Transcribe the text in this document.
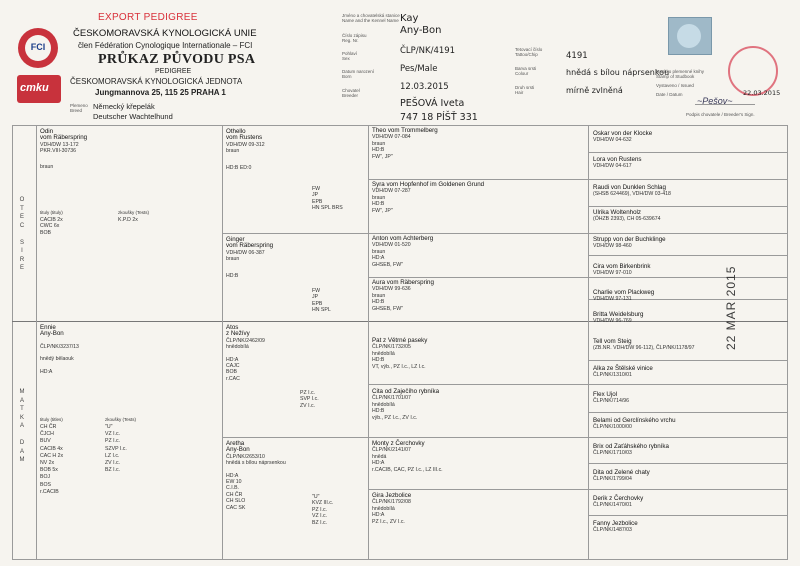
EXPORT PEDIGREE
FCI
cmku
ČESKOMORAVSKÁ KYNOLOGICKÁ UNIE
člen Fédération Cynologique Internationale – FCI
PRŮKAZ PŮVODU PSA
PEDIGREE
ČESKOMORAVSKÁ KYNOLOGICKÁ JEDNOTA
Jungmannova 25, 115 25 PRAHA 1
Plemeno
Breed	Německý křepelák
Deutscher Wachtelhund
Jméno a chovatelská stanice
Name and the Kennel Name
Číslo zápisu
Reg. Nr.
Pohlaví
Sex
Datum narození
Born
Chovatel
Breeder
Kay
Any-Bon
ČLP/NK/4191
Pes/Male
12.03.2015
PEŠOVÁ Iveta
747 18 PÍŠŤ 331
Tetovací číslo
Tattoo/Chip
Barva srsti
Colour
Druh srsti
Hair
4191
hnědá s bílou náprsenkou
mírně zvlněná
Razítko plemenné knihy
Stamp of Studbook
Vystaveno / Issued
Date / Datum	22.03.2015
~Pešov~
Podpis chovatele / Breeder's Sign.
O
T
E
C

S
I
R
E
M
A
T
K
A

D
A
M
Odin
vom Räberspring
VDH/DW 13-172
PKR.VIII-30736
braun
tituly (tituly)	zkoušky (Tests)
CACIB 2x
CWC 6x
BOB
K.P.D 2x
Ennie
Any-Bon
ČLP/NK/3237/13
hnědý bělaouk
HD:A
tituly (titles)	zkoušky (Tests)
CH ČR
ČJCH
BUV
CACIB 4x
CAC H 2x
NV 2x
BOB 5x
BOJ
BOS
r.CACIB
"U"
VZ I.c.
PZ I.c.
SZVP I.c.
LZ I.c.
ZV I.c.
BZ I.c.
Othello
vom Rustens
VDH/DW 09-312
braun
HD:B ED:0
FW
JP
EPB
HN SPL BRS
Ginger
vom Räberspring
VDH/DW 06-387
braun
HD:B
FW
JP
EPB
HN SPL
Atos
z Nežívy
ČLP/NK/2462/09
hnědobílá
HD:A
CAJC
BOB
r.CAC
PZ I.c.
SVP I.c.
ZV I.c.
Aretha
Any-Bon
ČLP/NK/2653/10
hnědá s bílou náprsenkou
HD:A
EW 10
C.I.B.
CH ČR
CH SLO
CAC SK
"U"
KVZ III.c.
PZ I.c.
VZ I.c.
BZ I.c.
Theo vom Trommelberg
VDH/DW 07-084
braun
HD:B
FW", JP"
Syra vom Hopfenhof im Goldenen Grund
VDH/DW 07-287
braun
HD:B
FW", JP"
Anton vom Achterberg
VDH/DW 01-520
braun
HD:A
GHSEB, FW"
Aura vom Räberspring
VDH/DW 99-636
braun
HD:B
GHSEB, FW"
Pat z Větrné paseky
ČLP/NK/1732/05
hnědobílá
HD:B
VT, výb., PZ I.c., LZ I.c.
Cita od Zaječího rybníka
ČLP/NK/1701/07
hnědobílá
HD:B
výb., PZ I.c., ZV I.c.
Monty z Čerchovky
ČLP/NK/2141/07
hnědá
HD:A
r.CACIB, CAC, PZ I.c., LZ III.c.
Gira Jezbolice
ČLP/NK/1792/08
hnědobílá
HD:A
PZ I.c., ZV I.c.
Oskar von der Klocke
VDH/DW 04-632
Lora von Rustens
VDH/DW 04-617
Raudi von Dunklen Schlag
(SHSB 624469), VDH/DW 03-418
Ulrika Woltenholz
(ÖHZB 2393), CH 05-639674
Strupp von der Buchklinge
VDH/DW 98-460
Cira vom Birkenbrink
VDH/DW 97-010
Charlie vom Plackweg
VDH/DW 97-131
Britta Weidelsburg
VDH/DW 96-769
Tell vom Steig
(ZB.NR. VDH/DW 96-112), ČLP/NK/1178/97
Alka ze Štělské vinice
ČLP/NK/1310/01
Flex Ujol
ČLP/NK/714/96
Belami od Gerclínského vrchu
ČLP/NK/1000/00
Brix od Zaťáhského rybníka
ČLP/NK/1710/03
Dita od Zelené chaty
ČLP/NK/1799/04
Derik z Čerchovky
ČLP/NK/1470/01
Fanny Jezbolice
ČLP/NK/1487/03
22 MAR 2015
